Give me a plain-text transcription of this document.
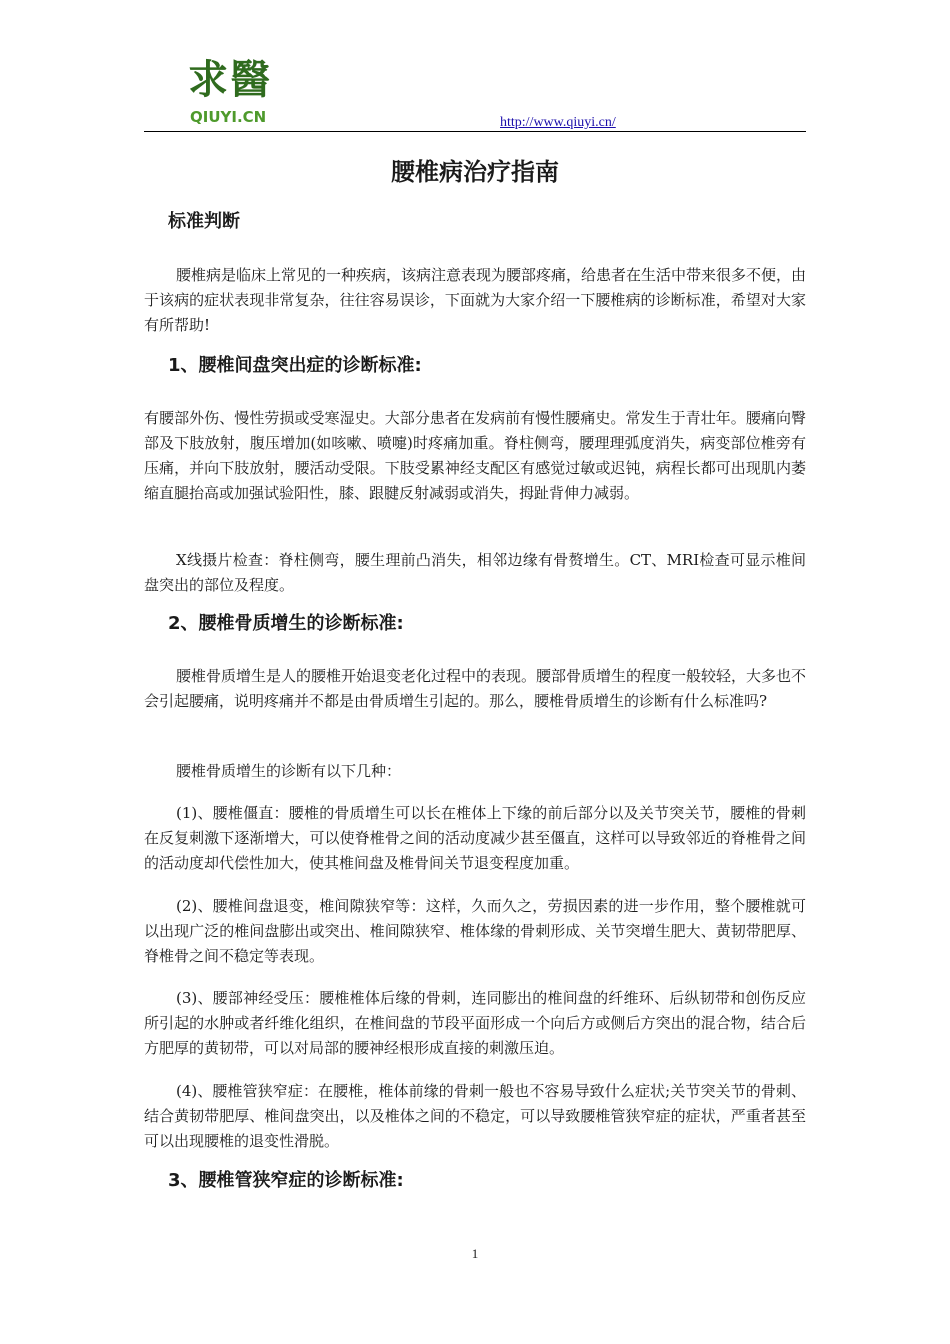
求醫
QIUYI.CN	http://www.qiuyi.cn/
腰椎病治疗指南
标准判断

腰椎病是临床上常见的一种疾病，该病注意表现为腰部疼痛，给患者在生活中带来很多不便，由于该病的症状表现非常复杂，往往容易误诊，下面就为大家介绍一下腰椎病的诊断标准，希望对大家有所帮助!

1、腰椎间盘突出症的诊断标准:

有腰部外伤、慢性劳损或受寒湿史。大部分患者在发病前有慢性腰痛史。常发生于青壮年。腰痛向臀部及下肢放射，腹压增加(如咳嗽、喷嚏)时疼痛加重。脊柱侧弯，腰理理弧度消失，病变部位椎旁有压痛，并向下肢放射，腰活动受限。下肢受累神经支配区有感觉过敏或迟钝，病程长都可出现肌内萎缩直腿抬高或加强试验阳性，膝、跟腱反射减弱或消失，拇趾背伸力减弱。

X线摄片检查：脊柱侧弯，腰生理前凸消失，相邻边缘有骨赘增生。CT、MRI检查可显示椎间盘突出的部位及程度。

2、腰椎骨质增生的诊断标准:

腰椎骨质增生是人的腰椎开始退变老化过程中的表现。腰部骨质增生的程度一般较轻，大多也不会引起腰痛，说明疼痛并不都是由骨质增生引起的。那么，腰椎骨质增生的诊断有什么标准吗?

腰椎骨质增生的诊断有以下几种：

(1)、腰椎僵直：腰椎的骨质增生可以长在椎体上下缘的前后部分以及关节突关节，腰椎的骨刺在反复刺激下逐渐增大，可以使脊椎骨之间的活动度减少甚至僵直，这样可以导致邻近的脊椎骨之间的活动度却代偿性加大，使其椎间盘及椎骨间关节退变程度加重。

(2)、腰椎间盘退变，椎间隙狭窄等：这样，久而久之，劳损因素的进一步作用，整个腰椎就可以出现广泛的椎间盘膨出或突出、椎间隙狭窄、椎体缘的骨刺形成、关节突增生肥大、黄韧带肥厚、脊椎骨之间不稳定等表现。

(3)、腰部神经受压：腰椎椎体后缘的骨刺，连同膨出的椎间盘的纤维环、后纵韧带和创伤反应所引起的水肿或者纤维化组织，在椎间盘的节段平面形成一个向后方或侧后方突出的混合物，结合后方肥厚的黄韧带，可以对局部的腰神经根形成直接的刺激压迫。

(4)、腰椎管狭窄症：在腰椎，椎体前缘的骨刺一般也不容易导致什么症状;关节突关节的骨刺、结合黄韧带肥厚、椎间盘突出，以及椎体之间的不稳定，可以导致腰椎管狭窄症的症状，严重者甚至可以出现腰椎的退变性滑脱。

3、腰椎管狭窄症的诊断标准:
1
